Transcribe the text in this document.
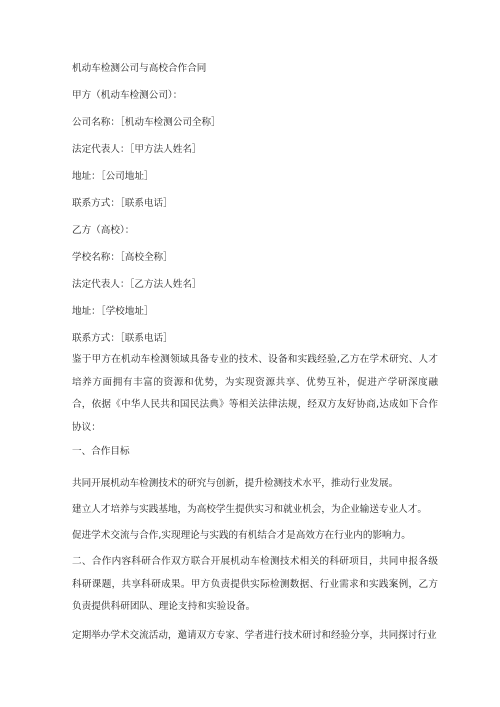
机动车检测公司与高校合作合同

甲方（机动车检测公司）：

公司名称：［机动车检测公司全称］

法定代表人：［甲方法人姓名］

地址：［公司地址］

联系方式：［联系电话］

乙方（高校）：

学校名称：［高校全称］

法定代表人：［乙方法人姓名］

地址：［学校地址］

联系方式：［联系电话］

鉴于甲方在机动车检测领域具备专业的技术、设备和实践经验,乙方在学术研究、人才培养方面拥有丰富的资源和优势，为实现资源共享、优势互补，促进产学研深度融合，依据《中华人民共和国民法典》等相关法律法规，经双方友好协商,达成如下合作协议：

一、合作目标

共同开展机动车检测技术的研究与创新，提升检测技术水平，推动行业发展。

建立人才培养与实践基地，为高校学生提供实习和就业机会，为企业输送专业人才。

促进学术交流与合作,实现理论与实践的有机结合才是高效方在行业内的影响力。

二、合作内容科研合作双方联合开展机动车检测技术相关的科研项目，共同申报各级科研课题，共享科研成果。甲方负责提供实际检测数据、行业需求和实践案例，乙方负责提供科研团队、理论支持和实验设备。

定期举办学术交流活动，邀请双方专家、学者进行技术研讨和经验分享，共同探讨行业
